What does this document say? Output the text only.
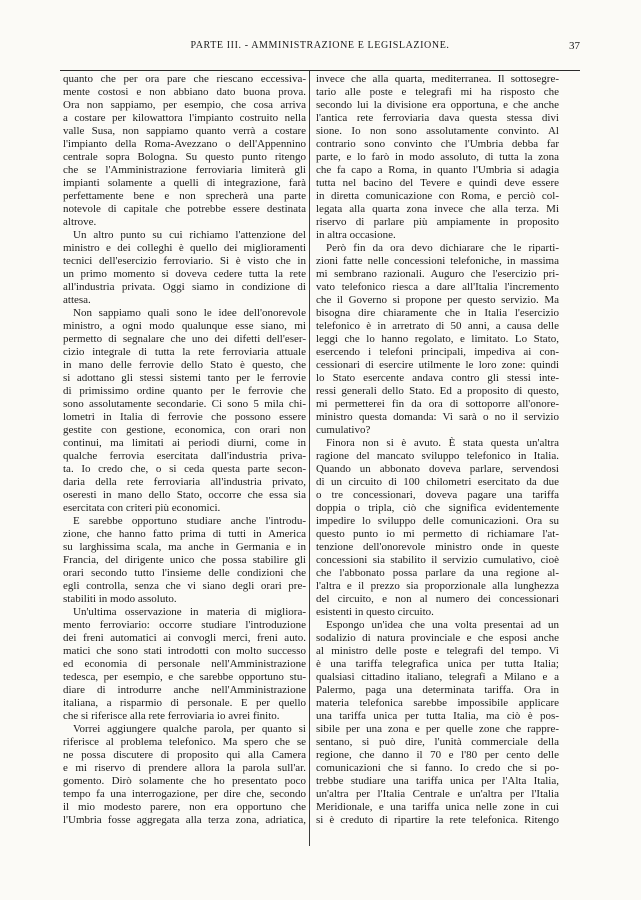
PARTE III. - AMMINISTRAZIONE E LEGISLAZIONE.	37
quanto che per ora pare che riescano eccessiva-
mente costosi e non abbiano dato buona prova.
Ora non sappiamo, per esempio, che cosa arriva
a costare per kilowattora l'impianto costruito nella
valle Susa, non sappiamo quanto verrà a costare
l'impianto della Roma-Avezzano o dell'Appennino
centrale sopra Bologna. Su questo punto ritengo
che se l'Amministrazione ferroviaria limiterà gli
impianti solamente a quelli di integrazione, farà
perfettamente bene e non sprecherà una parte
notevole di capitale che potrebbe essere destinata
altrove.
Un altro punto su cui richiamo l'attenzione del
ministro e dei colleghi è quello dei miglioramenti
tecnici dell'esercizio ferroviario. Si è visto che in
un primo momento si doveva cedere tutta la rete
all'industria privata. Oggi siamo in condizione di
attesa.
Non sappiamo quali sono le idee dell'onorevole
ministro, a ogni modo qualunque esse siano, mi
permetto di segnalare che uno dei difetti dell'eser-
cizio integrale di tutta la rete ferroviaria attuale
in mano delle ferrovie dello Stato è questo, che
si adottano gli stessi sistemi tanto per le ferrovie
di primissimo ordine quanto per le ferrovie che
sono assolutamente secondarie. Ci sono 5 mila chi-
lometri in Italia di ferrovie che possono essere
gestite con gestione, economica, con orari non
continui, ma limitati ai periodi diurni, come in
qualche ferrovia esercitata dall'industria priva-
ta. Io credo che, o si ceda questa parte secon-
daria della rete ferroviaria all'industria privato,
oseresti in mano dello Stato, occorre che essa sia
esercitata con criteri più economici.
E sarebbe opportuno studiare anche l'introdu-
zione, che hanno fatto prima di tutti in America
su larghissima scala, ma anche in Germania e in
Francia, del dirigente unico che possa stabilire gli
orari secondo tutto l'insieme delle condizioni che
egli controlla, senza che vi siano degli orari pre-
stabiliti in modo assoluto.
Un'ultima osservazione in materia di migliora-
mento ferroviario: occorre studiare l'introduzione
dei freni automatici ai convogli merci, freni auto.
matici che sono stati introdotti con molto successo
ed economia di personale nell'Amministrazione
tedesca, per esempio, e che sarebbe opportuno stu-
diare di introdurre anche nell'Amministrazione
italiana, a risparmio di personale. E per quello
che si riferisce alla rete ferroviaria io avrei finito.
Vorrei aggiungere qualche parola, per quanto si
riferisce al problema telefonico. Ma spero che se
ne possa discutere di proposito qui alla Camera
e mi riservo di prendere allora la parola sull'ar.
gomento. Dirò solamente che ho presentato poco
tempo fa una interrogazione, per dire che, secondo
il mio modesto parere, non era opportuno che
l'Umbria fosse aggregata alla terza zona, adriatica,
invece che alla quarta, mediterranea. Il sottosegre-
tario alle poste e telegrafi mi ha risposto che
secondo lui la divisione era opportuna, e che anche
l'antica rete ferroviaria dava questa stessa divi
sione. Io non sono assolutamente convinto. Al
contrario sono convinto che l'Umbria debba far
parte, e lo farò in modo assoluto, di tutta la zona
che fa capo a Roma, in quanto l'Umbria si adagia
tutta nel bacino del Tevere e quindi deve essere
in diretta comunicazione con Roma, e perciò col-
legata alla quarta zona invece che alla terza. Mi
riservo di parlare più ampiamente in proposito
in altra occasione.
Però fin da ora devo dichiarare che le riparti-
zioni fatte nelle concessioni telefoniche, in massima
mi sembrano razionali. Auguro che l'esercizio pri-
vato telefonico riesca a dare all'Italia l'incremento
che il Governo si propone per questo servizio. Ma
bisogna dire chiaramente che in Italia l'esercizio
telefonico è in arretrato di 50 anni, a causa delle
leggi che lo hanno regolato, e limitato. Lo Stato,
esercendo i telefoni principali, impediva ai con-
cessionari di esercire utilmente le loro zone: quindi
lo Stato esercente andava contro gli stessi inte-
ressi generali dello Stato. Ed a proposito di questo,
mi permetterei fin da ora di sottoporre all'onore-
ministro questa domanda: Vi sarà o no il servizio
cumulativo?
Finora non si è avuto. È stata questa un'altra
ragione del mancato sviluppo telefonico in Italia.
Quando un abbonato doveva parlare, servendosi
di un circuito di 100 chilometri esercitato da due
o tre concessionari, doveva pagare una tariffa
doppia o tripla, ciò che significa evidentemente
impedire lo sviluppo delle comunicazioni. Ora su
questo punto io mi permetto di richiamare l'at-
tenzione dell'onorevole ministro onde in queste
concessioni sia stabilito il servizio cumulativo, cioè
che l'abbonato possa parlare da una regione al-
l'altra e il prezzo sia proporzionale alla lunghezza
del circuito, e non al numero dei concessionari
esistenti in questo circuito.
Espongo un'idea che una volta presentai ad un
sodalizio di natura provinciale e che esposi anche
al ministro delle poste e telegrafi del tempo. Vi
è una tariffa telegrafica unica per tutta Italia;
qualsiasi cittadino italiano, telegrafi a Milano e a
Palermo, paga una determinata tariffa. Ora in
materia telefonica sarebbe impossibile applicare
una tariffa unica per tutta Italia, ma ciò è pos-
sibile per una zona e per quelle zone che rappre-
sentano, si può dire, l'unità commerciale della
regione, che danno il 70 e l'80 per cento delle
comunicazioni che si fanno. Io credo che si po-
trebbe studiare una tariffa unica per l'Alta Italia,
un'altra per l'Italia Centrale e un'altra per l'Italia
Meridionale, e una tariffa unica nelle zone in cui
si è creduto di ripartire la rete telefonica. Ritengo
